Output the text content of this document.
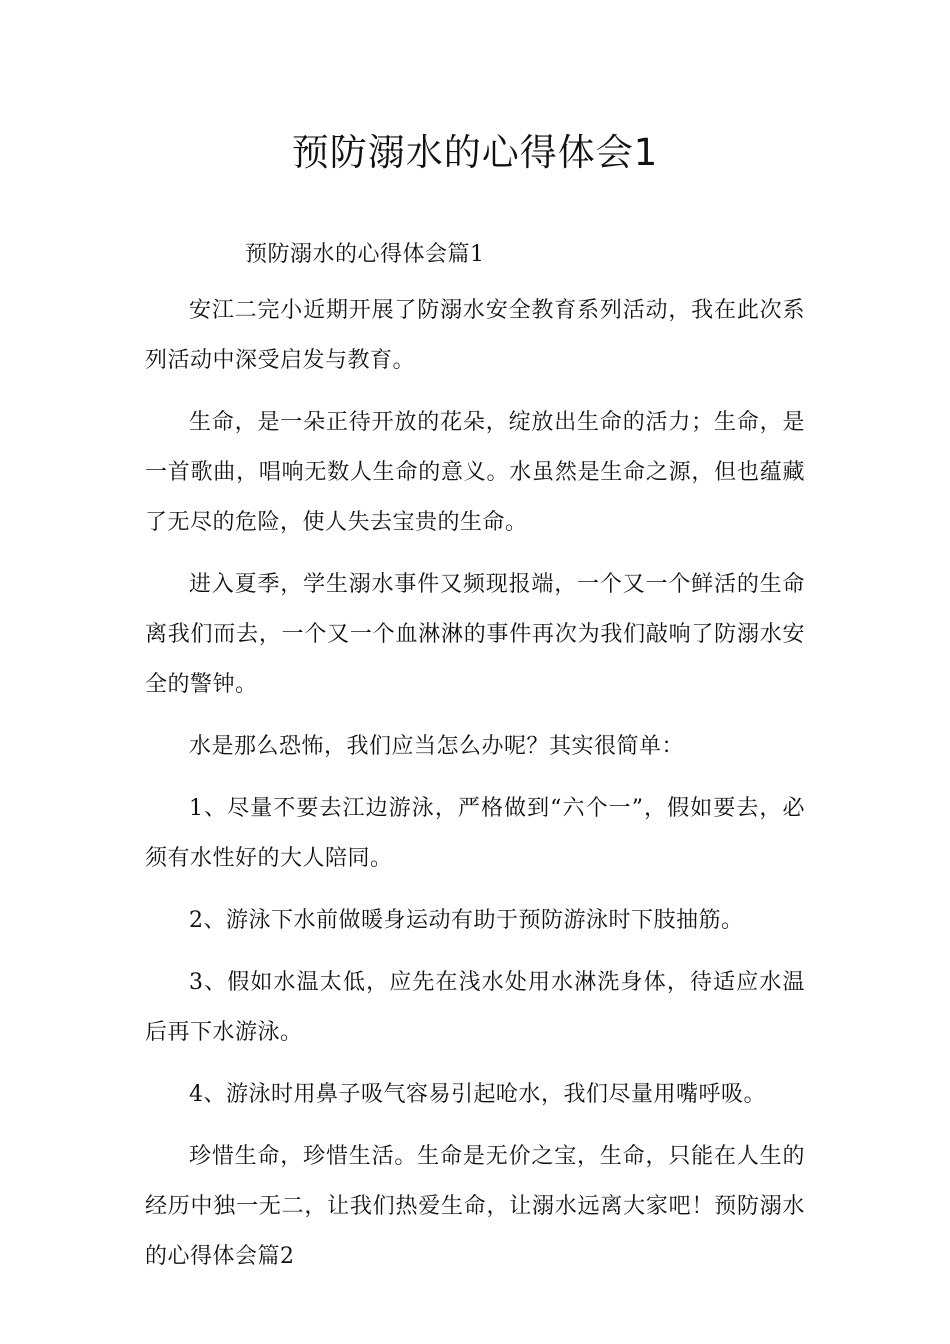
预防溺水的心得体会1

预防溺水的心得体会篇1

安江二完小近期开展了防溺水安全教育系列活动，我在此次系列活动中深受启发与教育。

生命，是一朵正待开放的花朵，绽放出生命的活力；生命，是一首歌曲，唱响无数人生命的意义。水虽然是生命之源，但也蕴藏了无尽的危险，使人失去宝贵的生命。

进入夏季，学生溺水事件又频现报端，一个又一个鲜活的生命离我们而去，一个又一个血淋淋的事件再次为我们敲响了防溺水安全的警钟。

水是那么恐怖，我们应当怎么办呢？其实很简单：

1、尽量不要去江边游泳，严格做到“六个一”，假如要去，必须有水性好的大人陪同。

2、游泳下水前做暖身运动有助于预防游泳时下肢抽筋。

3、假如水温太低，应先在浅水处用水淋洗身体，待适应水温后再下水游泳。

4、游泳时用鼻子吸气容易引起呛水，我们尽量用嘴呼吸。

珍惜生命，珍惜生活。生命是无价之宝，生命，只能在人生的经历中独一无二，让我们热爱生命，让溺水远离大家吧！预防溺水的心得体会篇2
